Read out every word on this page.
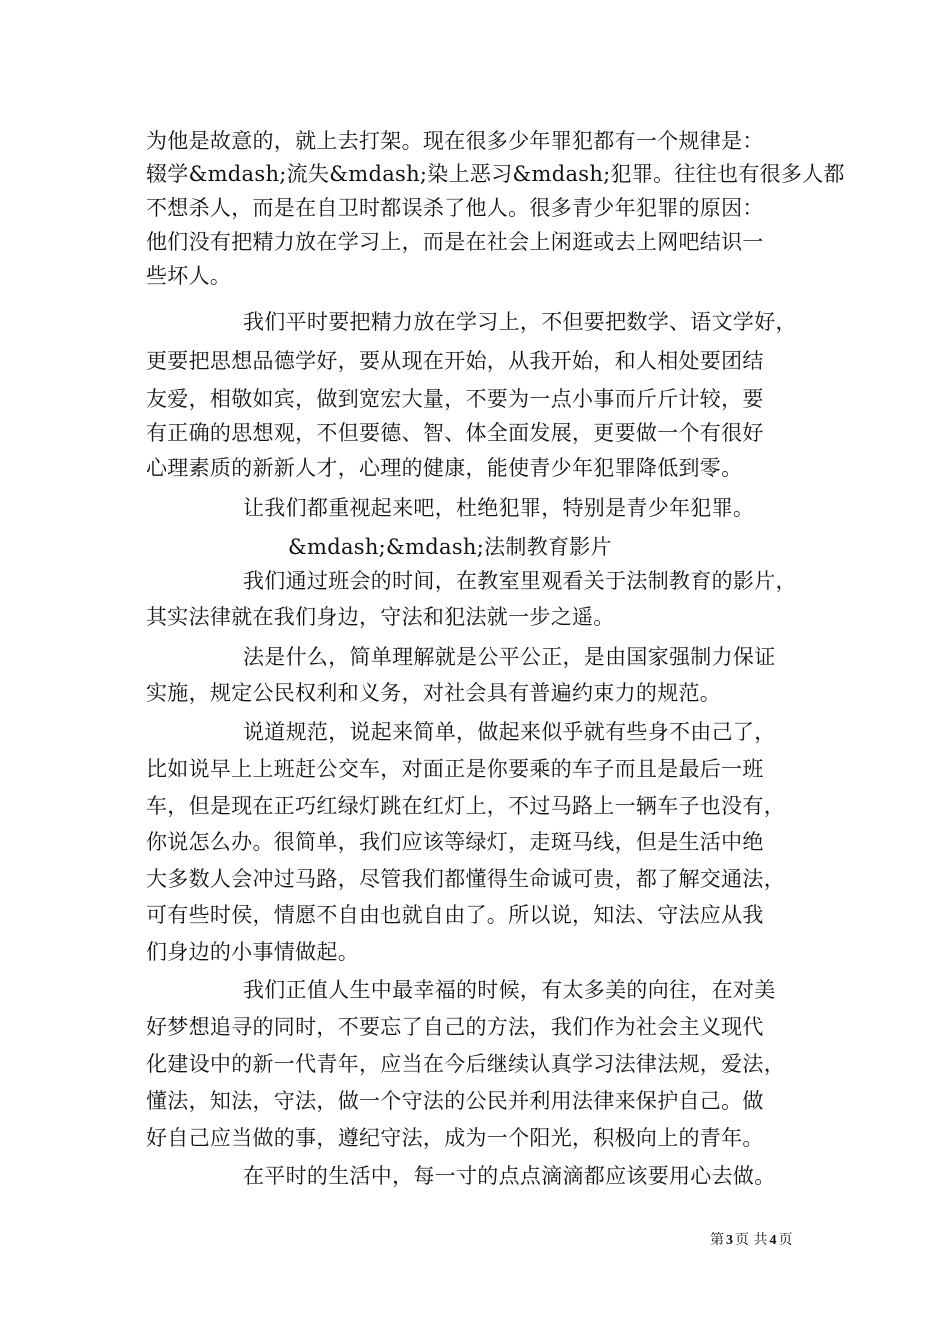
为他是故意的，就上去打架。现在很多少年罪犯都有一个规律是：
辍学&mdash;流失&mdash;染上恶习&mdash;犯罪。往往也有很多人都
不想杀人，而是在自卫时都误杀了他人。很多青少年犯罪的原因：
他们没有把精力放在学习上，而是在社会上闲逛或去上网吧结识一
些坏人。
我们平时要把精力放在学习上，不但要把数学、语文学好，
更要把思想品德学好，要从现在开始，从我开始，和人相处要团结
友爱，相敬如宾，做到宽宏大量，不要为一点小事而斤斤计较，要
有正确的思想观，不但要德、智、体全面发展，更要做一个有很好
心理素质的新新人才，心理的健康，能使青少年犯罪降低到零。
让我们都重视起来吧，杜绝犯罪，特别是青少年犯罪。
&mdash;&mdash;法制教育影片
我们通过班会的时间，在教室里观看关于法制教育的影片，
其实法律就在我们身边，守法和犯法就一步之遥。
法是什么，简单理解就是公平公正，是由国家强制力保证
实施，规定公民权利和义务，对社会具有普遍约束力的规范。
说道规范，说起来简单，做起来似乎就有些身不由己了，
比如说早上上班赶公交车，对面正是你要乘的车子而且是最后一班
车，但是现在正巧红绿灯跳在红灯上，不过马路上一辆车子也没有，
你说怎么办。很简单，我们应该等绿灯，走斑马线，但是生活中绝
大多数人会冲过马路，尽管我们都懂得生命诚可贵，都了解交通法，
可有些时侯，情愿不自由也就自由了。所以说，知法、守法应从我
们身边的小事情做起。
我们正值人生中最幸福的时候，有太多美的向往，在对美
好梦想追寻的同时，不要忘了自己的方法，我们作为社会主义现代
化建设中的新一代青年，应当在今后继续认真学习法律法规，爱法，
懂法，知法，守法，做一个守法的公民并利用法律来保护自己。做
好自己应当做的事，遵纪守法，成为一个阳光，积极向上的青年。
在平时的生活中，每一寸的点点滴滴都应该要用心去做。
第 3 页 共 4 页
